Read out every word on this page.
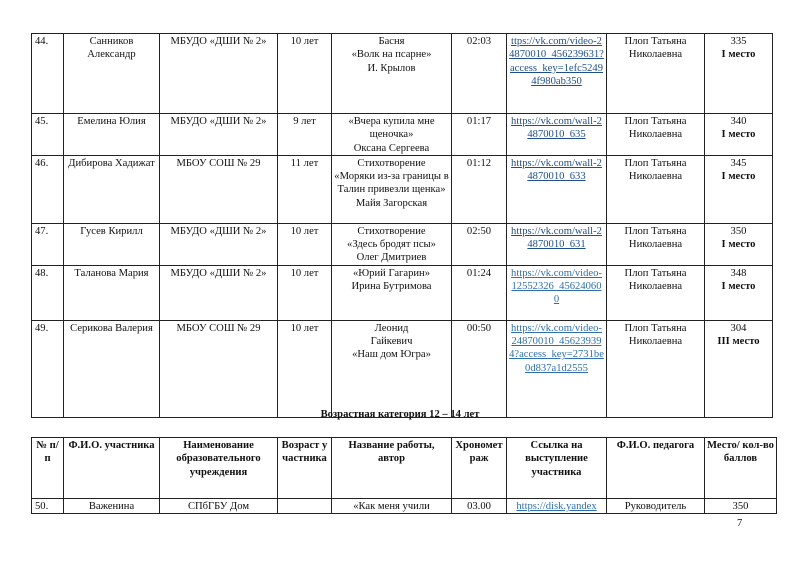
44.	Санников Александр	МБУДО «ДШИ № 2»	10 лет	Басня
«Волк на псарне»
И. Крылов	02:03	ttps://vk.com/video-24870010_456239631?access_key=1efc52494f980ab350	Плоп Татьяна Николаевна	335
I место

45.	Емелина Юлия	МБУДО «ДШИ № 2»	9 лет	«Вчера купила мне щеночка»
Оксана Сергеева	01:17	https://vk.com/wall-24870010_635	Плоп Татьяна Николаевна	340
I место

46.	Дибирова Хадижат	МБОУ СОШ № 29	11 лет	Стихотворение
«Моряки из-за границы в Талин привезли щенка»
Майя Загорская	01:12	https://vk.com/wall-24870010_633	Плоп Татьяна Николаевна	345
I место

47.	Гусев Кирилл	МБУДО «ДШИ № 2»	10 лет	Стихотворение
«Здесь бродят псы»
Олег Дмитриев	02:50	https://vk.com/wall-24870010_631	Плоп Татьяна Николаевна	350
I место

48.	Таланова Мария	МБУДО «ДШИ № 2»	10 лет	«Юрий Гагарин»
Ирина Бутримова	01:24	https://vk.com/video-12552326_456240600	Плоп Татьяна Николаевна	348
I место

49.	Серикова Валерия	МБОУ СОШ № 29	10 лет	Леонид
Гайкевич
«Наш дом Югра»	00:50	https://vk.com/video-24870010_456239394?access_key=2731be0d837a1d2555	Плоп Татьяна Николаевна	304
III место
Возрастная категория 12 – 14 лет
№ п/п	Ф.И.О. участника	Наименование образовательного учреждения	Возраст участника	Название работы, автор	Хронометраж	Ссылка на выступление участника	Ф.И.О. педагога	Место/ кол-во баллов
50.	Важенина	СПбГБУ Дом		«Как меня учили	03.00	https://disk.yandex	Руководитель	350
7
